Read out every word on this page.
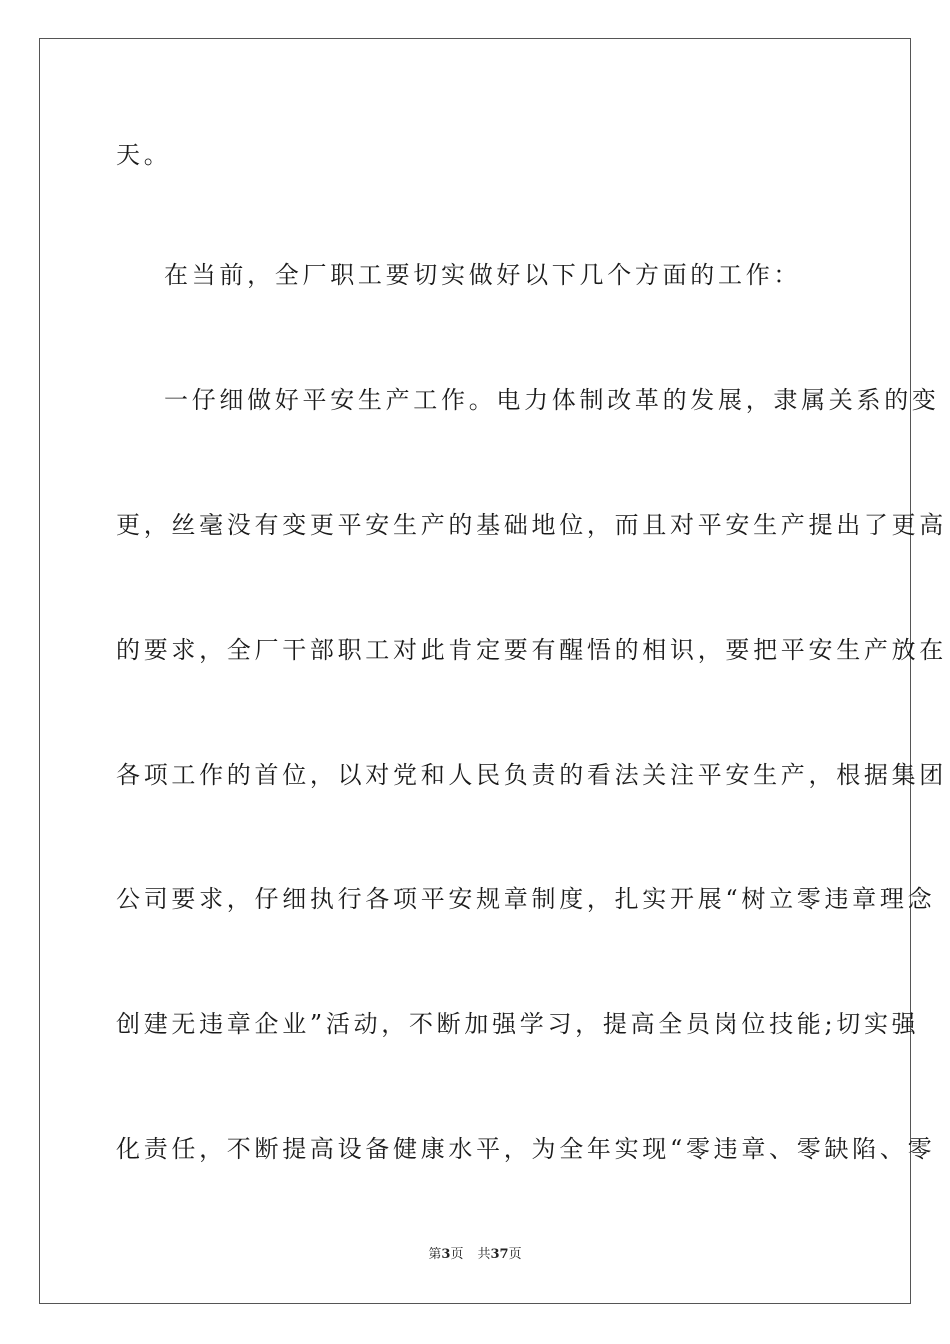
天。
在当前，全厂职工要切实做好以下几个方面的工作：
一仔细做好平安生产工作。电力体制改革的发展，隶属关系的变
更，丝毫没有变更平安生产的基础地位，而且对平安生产提出了更高
的要求，全厂干部职工对此肯定要有醒悟的相识，要把平安生产放在
各项工作的首位，以对党和人民负责的看法关注平安生产，根据集团
公司要求，仔细执行各项平安规章制度，扎实开展“树立零违章理念
创建无违章企业”活动，不断加强学习，提高全员岗位技能;切实强
化责任，不断提高设备健康水平，为全年实现“零违章、零缺陷、零
第3页 共37页
